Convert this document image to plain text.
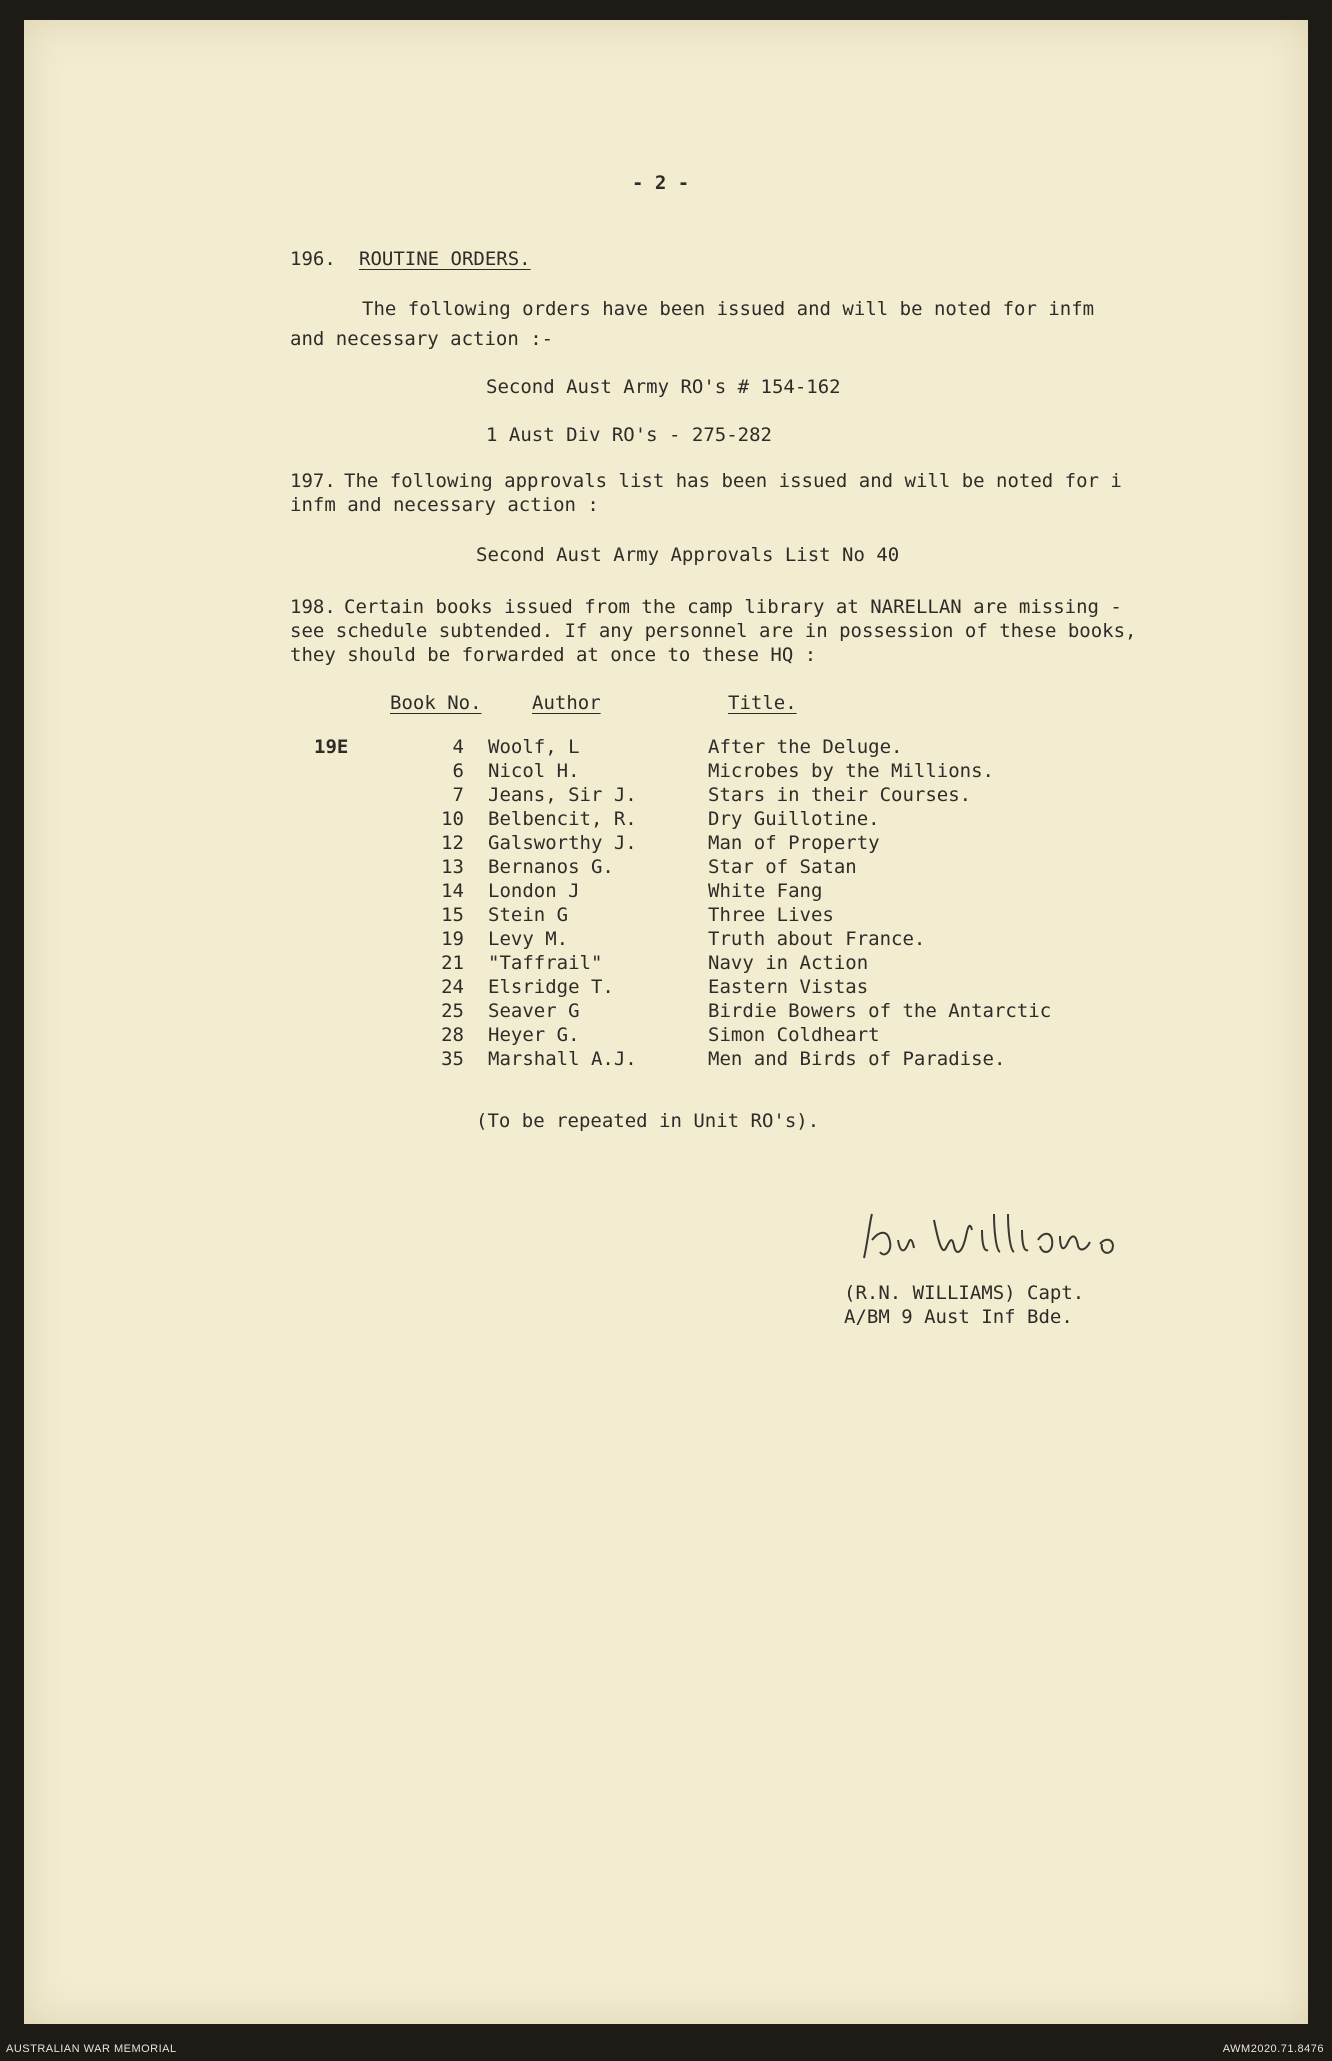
- 2 -
196. ROUTINE ORDERS.
The following orders have been issued and will be noted for infm
and necessary action :-
Second Aust Army RO's # 154-162
1 Aust Div RO's - 275-282
197. The following approvals list has been issued and will be noted for i
infm and necessary action :
Second Aust Army Approvals List No 40
198. Certain books issued from the camp library at NARELLAN are missing -
see schedule subtended. If any personnel are in possession of these books,
they should be forwarded at once to these HQ :
Book No.	Author	Title.
19E	4 Woolf, L	After the Deluge.
6 Nicol H.	Microbes by the Millions.
7 Jeans, Sir J.	Stars in their Courses.
10 Belbencit, R.	Dry Guillotine.
12 Galsworthy J.	Man of Property
13 Bernanos G.	Star of Satan
14 London J	White Fang
15 Stein G	Three Lives
19 Levy M.	Truth about France.
21 "Taffrail"	Navy in Action
24 Elsridge T.	Eastern Vistas
25 Seaver G	Birdie Bowers of the Antarctic
28 Heyer G.	Simon Coldheart
35 Marshall A.J.	Men and Birds of Paradise.
(To be repeated in Unit RO's).
(R.N. WILLIAMS) Capt.
A/BM 9 Aust Inf Bde.
AUSTRALIAN WAR MEMORIAL	AWM2020.71.8476
